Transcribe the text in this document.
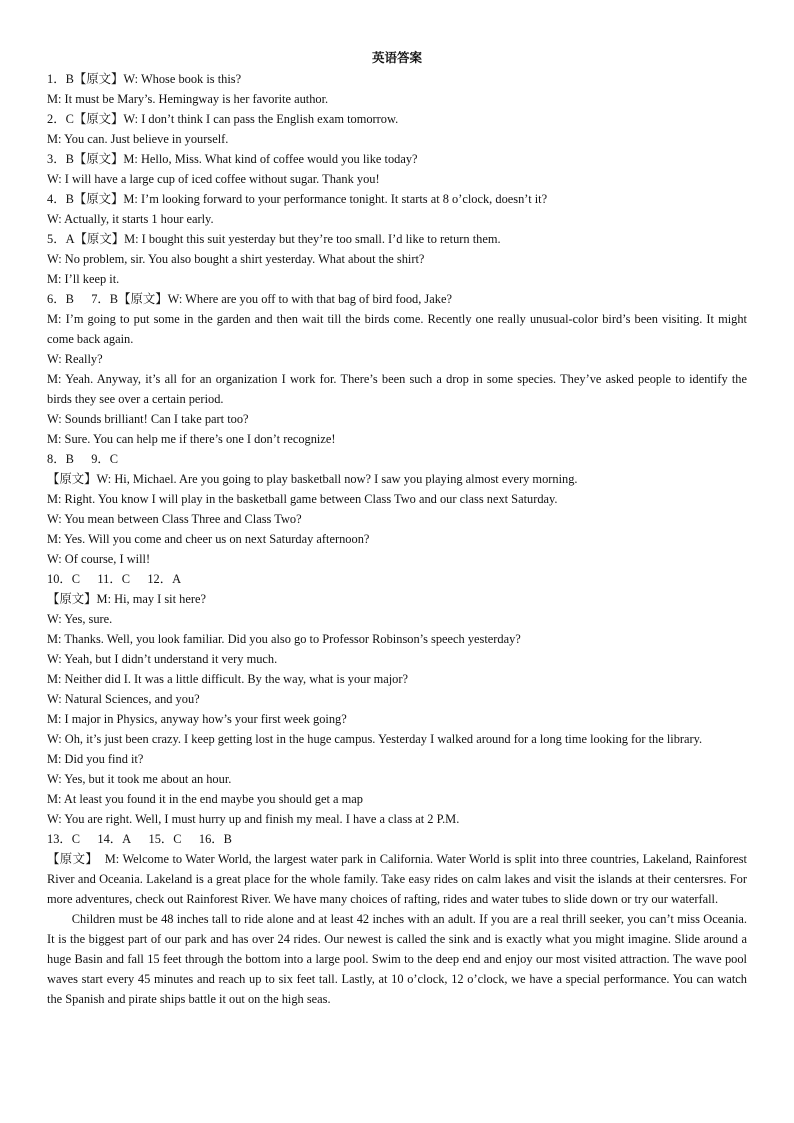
英语答案
1．B【原文】W: Whose book is this?
M: It must be Mary’s. Hemingway is her favorite author.
2．C【原文】W: I don’t think I can pass the English exam tomorrow.
M: You can. Just believe in yourself.
3．B【原文】M: Hello, Miss. What kind of coffee would you like today?
W: I will have a large cup of iced coffee without sugar. Thank you!
4．B【原文】M: I’m looking forward to your performance tonight. It starts at 8 o’clock, doesn’t it?
W: Actually, it starts 1 hour early.
5．A【原文】M: I bought this suit yesterday but they’re too small. I’d like to return them.
W: No problem, sir. You also bought a shirt yesterday. What about the shirt?
M: I’ll keep it.
6．B 7．B【原文】W: Where are you off to with that bag of bird food, Jake?
M: I’m going to put some in the garden and then wait till the birds come. Recently one really unusual-color bird’s been visiting. It might come back again.
W: Really?
M: Yeah. Anyway, it’s all for an organization I work for. There’s been such a drop in some species. They’ve asked people to identify the birds they see over a certain period.
W: Sounds brilliant! Can I take part too?
M: Sure. You can help me if there’s one I don’t recognize!
8．B 9．C
【原文】W: Hi, Michael. Are you going to play basketball now? I saw you playing almost every morning.
M: Right. You know I will play in the basketball game between Class Two and our class next Saturday.
W: You mean between Class Three and Class Two?
M: Yes. Will you come and cheer us on next Saturday afternoon?
W: Of course, I will!
10．C 11．C 12．A
【原文】M: Hi, may I sit here?
W: Yes, sure.
M: Thanks. Well, you look familiar. Did you also go to Professor Robinson’s speech yesterday?
W: Yeah, but I didn’t understand it very much.
M: Neither did I. It was a little difficult. By the way, what is your major?
W: Natural Sciences, and you?
M: I major in Physics, anyway how’s your first week going?
W: Oh, it’s just been crazy. I keep getting lost in the huge campus. Yesterday I walked around for a long time looking for the library.
M: Did you find it?
W: Yes, but it took me about an hour.
M: At least you found it in the end maybe you should get a map
W: You are right. Well, I must hurry up and finish my meal. I have a class at 2 P.M.
13．C 14．A 15．C 16．B
【原文】　M: Welcome to Water World, the largest water park in California. Water World is split into three countries, Lakeland, Rainforest River and Oceania. Lakeland is a great place for the whole family. Take easy rides on calm lakes and visit the islands at their centersres. For more adventures, check out Rainforest River. We have many choices of rafting, rides and water tubes to slide down or try our waterfall.
Children must be 48 inches tall to ride alone and at least 42 inches with an adult. If you are a real thrill seeker, you can’t miss Oceania. It is the biggest part of our park and has over 24 rides. Our newest is called the sink and is exactly what you might imagine. Slide around a huge Basin and fall 15 feet through the bottom into a large pool. Swim to the deep end and enjoy our most visited attraction. The wave pool waves start every 45 minutes and reach up to six feet tall. Lastly, at 10 o’clock, 12 o’clock, we have a special performance. You can watch the Spanish and pirate ships battle it out on the high seas.
